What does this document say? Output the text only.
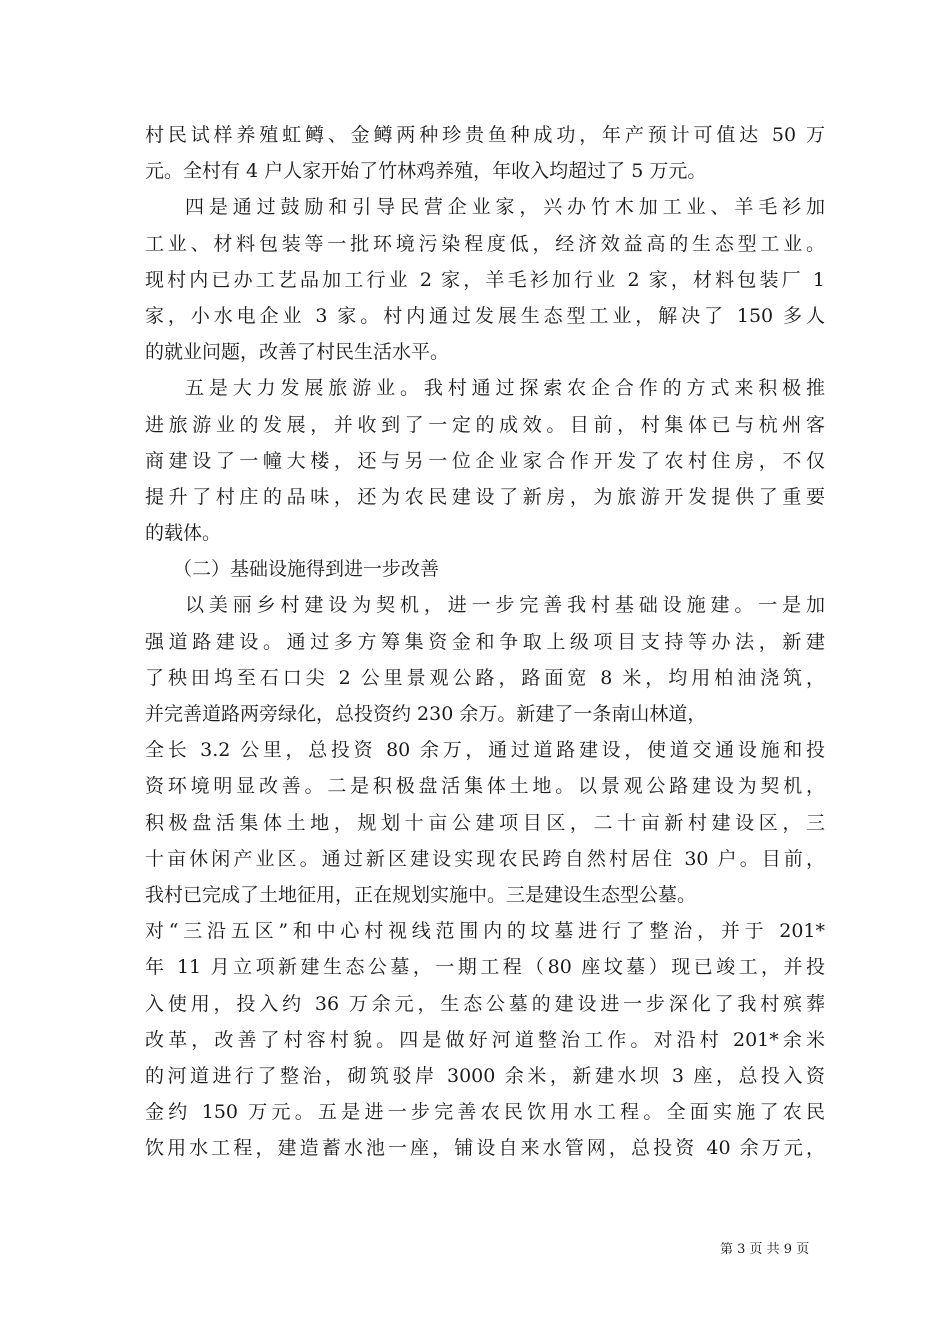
村民试样养殖虹鳟、金鳟两种珍贵鱼种成功，年产预计可值达 50 万
元。全村有 4 户人家开始了竹林鸡养殖，年收入均超过了 5 万元。
四是通过鼓励和引导民营企业家，兴办竹木加工业、羊毛衫加
工业、材料包装等一批环境污染程度低，经济效益高的生态型工业。
现村内已办工艺品加工行业 2 家，羊毛衫加行业 2 家，材料包装厂 1
家，小水电企业 3 家。村内通过发展生态型工业，解决了 150 多人
的就业问题，改善了村民生活水平。
五是大力发展旅游业。我村通过探索农企合作的方式来积极推
进旅游业的发展，并收到了一定的成效。目前，村集体已与杭州客
商建设了一幢大楼，还与另一位企业家合作开发了农村住房，不仅
提升了村庄的品味，还为农民建设了新房，为旅游开发提供了重要
的载体。
（二）基础设施得到进一步改善
以美丽乡村建设为契机，进一步完善我村基础设施建。一是加
强道路建设。通过多方筹集资金和争取上级项目支持等办法，新建
了秧田坞至石口尖 2 公里景观公路，路面宽 8 米，均用柏油浇筑，
并完善道路两旁绿化，总投资约 230 余万。新建了一条南山林道，
全长 3.2 公里，总投资 80 余万，通过道路建设，使道交通设施和投
资环境明显改善。二是积极盘活集体土地。以景观公路建设为契机，
积极盘活集体土地，规划十亩公建项目区，二十亩新村建设区，三
十亩休闲产业区。通过新区建设实现农民跨自然村居住 30 户。目前，
我村已完成了土地征用，正在规划实施中。三是建设生态型公墓。
对“三沿五区”和中心村视线范围内的坟墓进行了整治，并于 201*
年 11 月立项新建生态公墓，一期工程（80 座坟墓）现已竣工，并投
入使用，投入约 36 万余元，生态公墓的建设进一步深化了我村殡葬
改革，改善了村容村貌。四是做好河道整治工作。对沿村 201*余米
的河道进行了整治，砌筑驳岸 3000 余米，新建水坝 3 座，总投入资
金约 150 万元。五是进一步完善农民饮用水工程。全面实施了农民
饮用水工程，建造蓄水池一座，铺设自来水管网，总投资 40 余万元，
第 3 页 共 9 页
